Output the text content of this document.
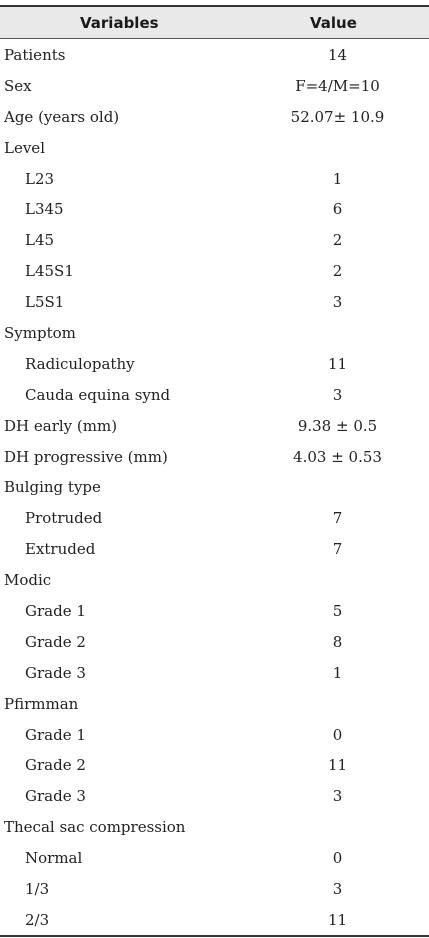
Variables	Value
Patients	14
Sex	F=4/M=10
Age (years old)	52.07± 10.9
Level
L23	1
L345	6
L45	2
L45S1	2
L5S1	3
Symptom
Radiculopathy	11
Cauda equina synd	3
DH early (mm)	9.38 ± 0.5
DH progressive (mm)	4.03 ± 0.53
Bulging type
Protruded	7
Extruded	7
Modic
Grade 1	5
Grade 2	8
Grade 3	1
Pfirmman
Grade 1	0
Grade 2	11
Grade 3	3
Thecal sac compression
Normal	0
1/3	3
2/3	11
